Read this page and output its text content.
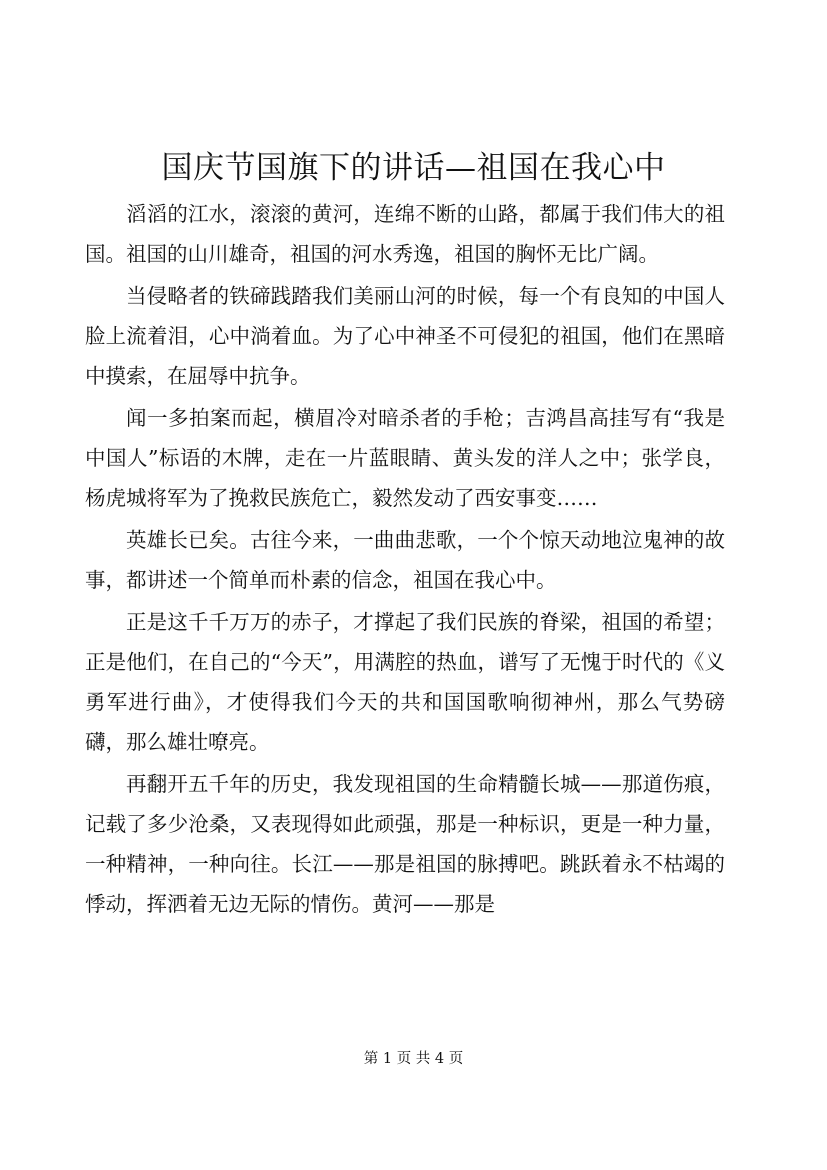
国庆节国旗下的讲话—祖国在我心中

滔滔的江水，滚滚的黄河，连绵不断的山路，都属于我们伟大的祖国。祖国的山川雄奇，祖国的河水秀逸，祖国的胸怀无比广阔。

当侵略者的铁碲践踏我们美丽山河的时候，每一个有良知的中国人脸上流着泪，心中淌着血。为了心中神圣不可侵犯的祖国，他们在黑暗中摸索，在屈辱中抗争。

闻一多拍案而起，横眉冷对暗杀者的手枪；吉鸿昌高挂写有“我是中国人”标语的木牌，走在一片蓝眼睛、黄头发的洋人之中；张学良，杨虎城将军为了挽救民族危亡，毅然发动了西安事变……

英雄长已矣。古往今来，一曲曲悲歌，一个个惊天动地泣鬼神的故事，都讲述一个简单而朴素的信念，祖国在我心中。

正是这千千万万的赤子，才撑起了我们民族的脊梁，祖国的希望；正是他们，在自己的“今天”，用满腔的热血，谱写了无愧于时代的《义勇军进行曲》，才使得我们今天的共和国国歌响彻神州，那么气势磅礴，那么雄壮嘹亮。

再翻开五千年的历史，我发现祖国的生命精髓长城——那道伤痕，记载了多少沧桑，又表现得如此顽强，那是一种标识，更是一种力量，一种精神，一种向往。长江——那是祖国的脉搏吧。跳跃着永不枯竭的悸动，挥洒着无边无际的情伤。黄河——那是

第 1 页 共 4 页
